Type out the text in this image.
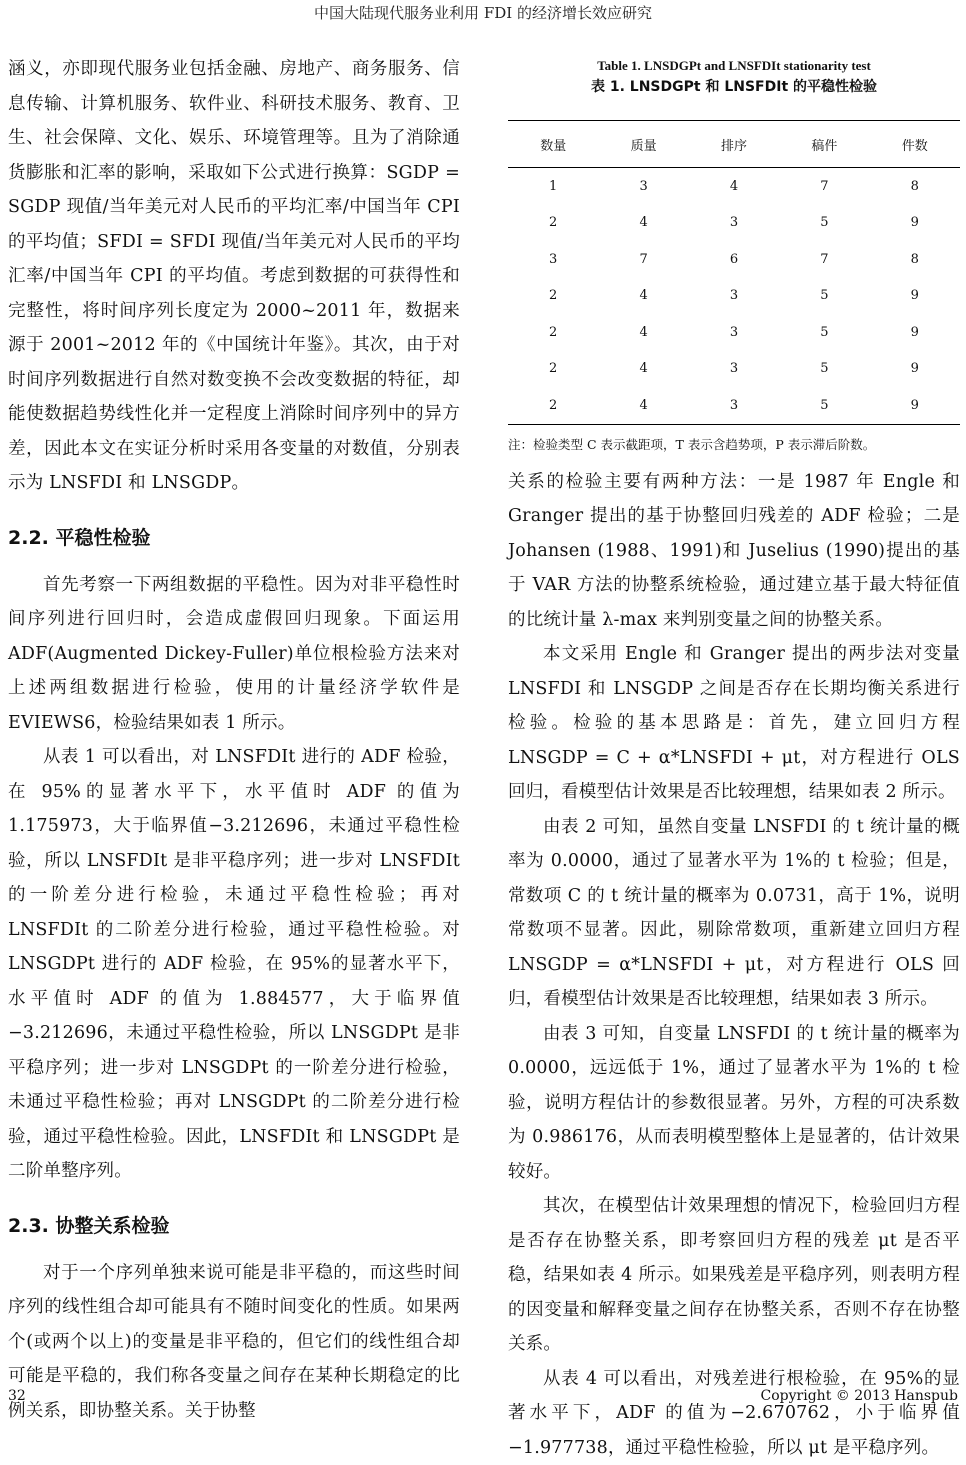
中国大陆现代服务业利用 FDI 的经济增长效应研究

涵义，亦即现代服务业包括金融、房地产、商务服务、信息传输、计算机服务、软件业、科研技术服务、教育、卫生、社会保障、文化、娱乐、环境管理等。且为了消除通货膨胀和汇率的影响，采取如下公式进行换算：SGDP = SGDP 现值/当年美元对人民币的平均汇率/中国当年 CPI 的平均值；SFDI = SFDI 现值/当年美元对人民币的平均汇率/中国当年 CPI 的平均值。考虑到数据的可获得性和完整性，将时间序列长度定为 2000~2011 年，数据来源于 2001~2012 年的《中国统计年鉴》。其次，由于对时间序列数据进行自然对数变换不会改变数据的特征，却能使数据趋势线性化并一定程度上消除时间序列中的异方差，因此本文在实证分析时采用各变量的对数值，分别表示为 LNSFDI 和 LNSGDP。

2.2. 平稳性检验

首先考察一下两组数据的平稳性。因为对非平稳性时间序列进行回归时，会造成虚假回归现象。下面运用 ADF(Augmented Dickey-Fuller)单位根检验方法来对上述两组数据进行检验，使用的计量经济学软件是 EVIEWS6，检验结果如表 1 所示。

从表 1 可以看出，对 LNSFDIt 进行的 ADF 检验，在 95%的显著水平下，水平值时 ADF 的值为 1.175973，大于临界值−3.212696，未通过平稳性检验，所以 LNSFDIt 是非平稳序列；进一步对 LNSFDIt 的一阶差分进行检验，未通过平稳性检验；再对 LNSFDIt 的二阶差分进行检验，通过平稳性检验。对 LNSGDPt 进行的 ADF 检验，在 95%的显著水平下，水平值时 ADF 的值为 1.884577，大于临界值−3.212696，未通过平稳性检验，所以 LNSGDPt 是非平稳序列；进一步对 LNSGDPt 的一阶差分进行检验，未通过平稳性检验；再对 LNSGDPt 的二阶差分进行检验，通过平稳性检验。因此，LNSFDIt 和 LNSGDPt 是二阶单整序列。

2.3. 协整关系检验

对于一个序列单独来说可能是非平稳的，而这些时间序列的线性组合却可能具有不随时间变化的性质。如果两个(或两个以上)的变量是非平稳的，但它们的线性组合却可能是平稳的，我们称各变量之间存在某种长期稳定的比例关系，即协整关系。关于协整

Table 1. LNSDGPt and LNSFDIt stationarity test
表 1. LNSDGPt 和 LNSFDIt 的平稳性检验
数量	质量	排序	稿件	件数
1	3	4	7	8
2	4	3	5	9
3	7	6	7	8
2	4	3	5	9
2	4	3	5	9
2	4	3	5	9
2	4	3	5	9
注：检验类型 C 表示截距项，T 表示含趋势项，P 表示滞后阶数。

关系的检验主要有两种方法：一是 1987 年 Engle 和 Granger 提出的基于协整回归残差的 ADF 检验；二是 Johansen (1988、1991)和 Juselius (1990)提出的基于 VAR 方法的协整系统检验，通过建立基于最大特征值的比统计量 λ-max 来判别变量之间的协整关系。

本文采用 Engle 和 Granger 提出的两步法对变量 LNSFDI 和 LNSGDP 之间是否存在长期均衡关系进行检验。检验的基本思路是：首先，建立回归方程 LNSGDP = C + α*LNSFDI + μt，对方程进行 OLS 回归，看模型估计效果是否比较理想，结果如表 2 所示。

由表 2 可知，虽然自变量 LNSFDI 的 t 统计量的概率为 0.0000，通过了显著水平为 1%的 t 检验；但是，常数项 C 的 t 统计量的概率为 0.0731，高于 1%，说明常数项不显著。因此，剔除常数项，重新建立回归方程 LNSGDP = α*LNSFDI + μt，对方程进行 OLS 回归，看模型估计效果是否比较理想，结果如表 3 所示。

由表 3 可知，自变量 LNSFDI 的 t 统计量的概率为 0.0000，远远低于 1%，通过了显著水平为 1%的 t 检验，说明方程估计的参数很显著。另外，方程的可决系数为 0.986176，从而表明模型整体上是显著的，估计效果较好。

其次，在模型估计效果理想的情况下，检验回归方程是否存在协整关系，即考察回归方程的残差 μt 是否平稳，结果如表 4 所示。如果残差是平稳序列，则表明方程的因变量和解释变量之间存在协整关系，否则不存在协整关系。

从表 4 可以看出，对残差进行根检验，在 95%的显著水平下，ADF 的值为−2.670762，小于临界值−1.977738，通过平稳性检验，所以 μt 是平稳序列。

32	Copyright © 2013 Hanspub
